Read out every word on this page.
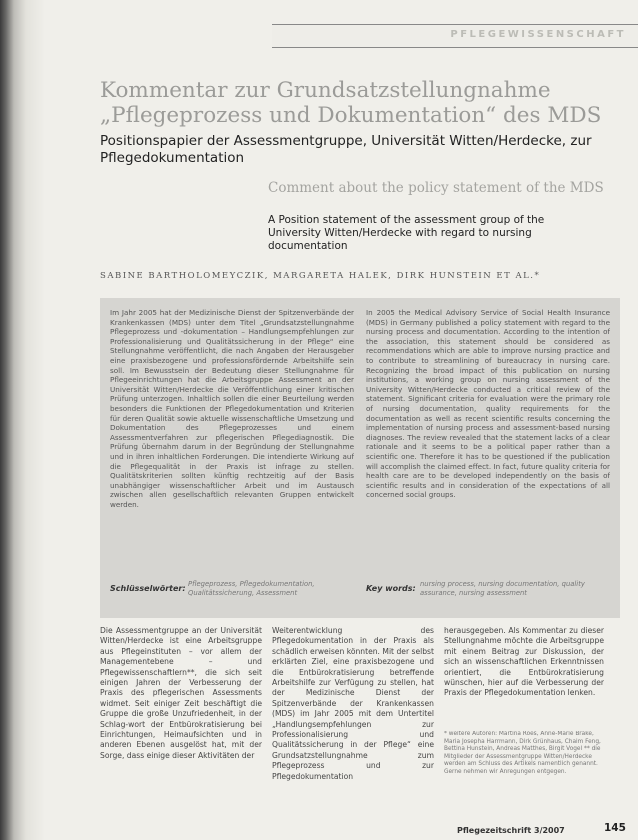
PFLEGEWISSENSCHAFT
Kommentar zur Grundsatzstellungnahme „Pflegeprozess und Dokumentation“ des MDS

Positionspapier der Assessmentgruppe, Universität Witten/Herdecke, zur Pflegedokumentation

Comment about the policy statement of the MDS

A Position statement of the assessment group of the University Witten/Herdecke with regard to nursing documentation

SABINE BARTHOLOMEYCZIK, MARGARETA HALEK, DIRK HUNSTEIN ET AL.*

Im Jahr 2005 hat der Medizinische Dienst der Spitzenverbände der Krankenkassen (MDS) unter dem Titel „Grundsatzstellungnahme Pflegeprozess und -dokumentation – Handlungsempfehlungen zur Professionalisierung und Qualitätssicherung in der Pflege“ eine Stellungnahme veröffentlicht, die nach Angaben der Herausgeber eine praxisbezogene und professionsfördernde Arbeitshilfe sein soll. Im Bewusstsein der Bedeutung dieser Stellungnahme für Pflegeeinrichtungen hat die Arbeitsgruppe Assessment an der Universität Witten/Herdecke die Veröffentlichung einer kritischen Prüfung unterzogen. Inhaltlich sollen die einer Beurteilung werden besonders die Funktionen der Pflegedokumentation und Kriterien für deren Qualität sowie aktuelle wissenschaftliche Umsetzung und Dokumentation des Pflegeprozesses und einem Assessmentverfahren zur pflegerischen Pflegediagnostik. Die Prüfung übernahm darum in der Begründung der Stellungnahme und in ihren inhaltlichen Forderungen. Die intendierte Wirkung auf die Pflegequalität in der Praxis ist infrage zu stellen. Qualitätskriterien sollten künftig rechtzeitig auf der Basis unabhängiger wissenschaftlicher Arbeit und im Austausch zwischen allen gesellschaftlich relevanten Gruppen entwickelt werden.

In 2005 the Medical Advisory Service of Social Health Insurance (MDS) in Germany published a policy statement with regard to the nursing process and documentation. According to the intention of the association, this statement should be considered as recommendations which are able to improve nursing practice and to contribute to streamlining of bureaucracy in nursing care. Recognizing the broad impact of this publication on nursing institutions, a working group on nursing assessment of the University Witten/Herdecke conducted a critical review of the statement. Significant criteria for evaluation were the primary role of nursing documentation, quality requirements for the documentation as well as recent scientific results concerning the implementation of nursing process and assessment-based nursing diagnoses. The review revealed that the statement lacks of a clear rationale and it seems to be a political paper rather than a scientific one. Therefore it has to be questioned if the publication will accomplish the claimed effect. In fact, future quality criteria for health care are to be developed independently on the basis of scientific results and in consideration of the expectations of all concerned social groups.

Schlüsselwörter: Pflegeprozess, Pflegedokumentation, Qualitätssicherung, Assessment	Key words: nursing process, nursing documentation, quality assurance, nursing assessment

Die Assessmentgruppe an der Universität Witten/Herdecke ist eine Arbeitsgruppe aus Pflegeinstituten – vor allem der Managementebene – und Pflegewissenschaftlern**, die sich seit einigen Jahren der Verbesserung der Praxis des pflegerischen Assessments widmet. Seit einiger Zeit beschäftigt die Gruppe die große Unzufriedenheit, in der Schlag‑wort der Entbürokratisierung bei Einrichtungen, Heimaufsichten und in anderen Ebenen ausgelöst hat, mit der Sorge, dass einige dieser Aktivitäten der

Weiterentwicklung des Pflegedokumentation in der Praxis als schädlich erweisen könnten. Mit der selbst erklärten Ziel, eine praxisbezogene und die Entbürokratisierung betreffende Arbeitshilfe zur Verfügung zu stellen, hat der Medizinische Dienst der Spitzenverbände der Krankenkassen (MDS) im Jahr 2005 mit dem Untertitel „Handlungsempfehlungen zur Professionalisierung und Qualitätssicherung in der Pflege“ eine Grundsatzstellungnahme zum Pflegeprozess und zur Pflegedokumentation

herausgegeben. Als Kommentar zu dieser Stellungnahme möchte die Arbeitsgruppe mit einem Beitrag zur Diskussion, der sich an wissenschaftlichen Erkenntnissen orientiert, die Entbürokratisierung wünschen, hier auf die Verbesserung der Praxis der Pflegedokumentation lenken.

* weitere Autoren: Martina Roes, Anne-Marie Brake, Maria Josepha Harrmann, Dirk Grünhaus, Chaim Feng, Bettina Hunstein, Andreas Matthes, Birgit Vogel ** die Mitglieder der Assessmentgruppe Witten/Herdecke werden am Schluss des Artikels namentlich genannt. Gerne nehmen wir Anregungen entgegen.

Pflegezeitschrift 3/2007	145
